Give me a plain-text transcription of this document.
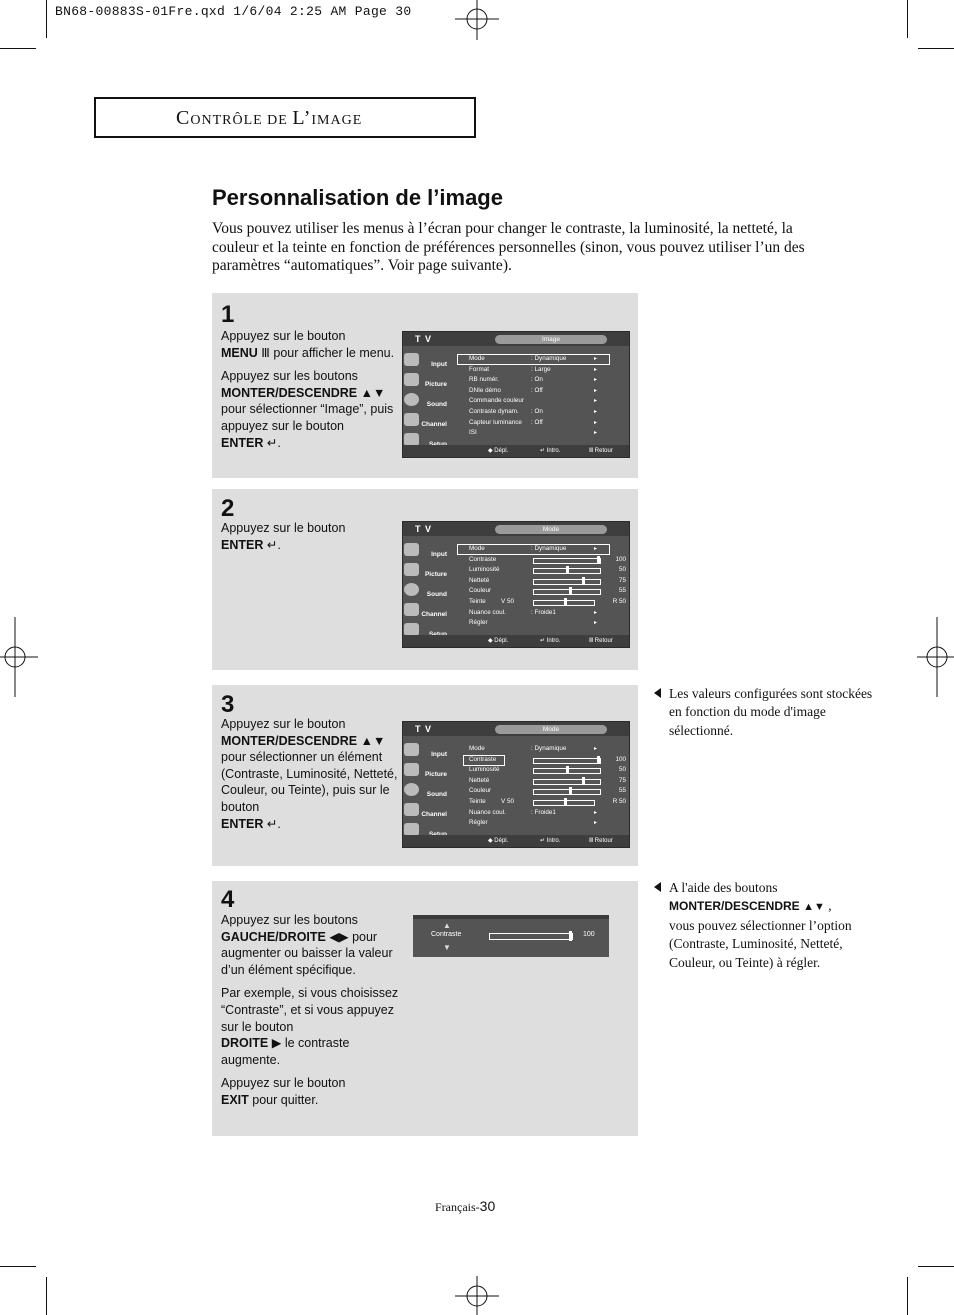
BN68-00883S-01Fre.qxd 1/6/04 2:25 AM Page 30
CONTRÔLE DE L’IMAGE
Personnalisation de l’image
Vous pouvez utiliser les menus à l’écran pour changer le contraste, la luminosité, la netteté, la couleur et la teinte en fonction de préférences personnelles (sinon, vous pouvez utiliser l’un des paramètres “automatiques”. Voir page suivante).
1

Appuyez sur le bouton
MENU Ⅲ pour afficher le menu.

Appuyez sur les boutons
MONTER/DESCENDRE ▲▼
pour sélectionner “Image”, puis appuyez sur le bouton
ENTER ↵.

T V	Image
Input
Picture
Sound
Channel
Mode	: Dynamique	▸
Format	: Large	▸
RB numér.	: On	▸
DNIe démo	: Off	▸
Commande couleur	▸
Contraste dynam. : On	▸
Capteur luminance : Off	▸
ISI	▸
◆ Dépl.	↵ Intro.	Ⅲ Retour
2

Appuyez sur le bouton
ENTER ↵.

T V	Mode
Input
Picture
Sound
Channel
Mode	: Dynamique	▸
Contraste	100
Luminosité	50
Netteté	75
Couleur	55
Teinte V 50	R 50
Nuance coul.	: Froide1	▸
Régler	▸
◆ Dépl.	↵ Intro.	Ⅲ Retour
3

Appuyez sur le bouton
MONTER/DESCENDRE ▲▼
pour sélectionner un élément (Contraste, Luminosité, Netteté, Couleur, ou Teinte), puis sur le bouton
ENTER ↵.

T V	Mode
Input
Picture
Sound
Channel
Mode	: Dynamique	▸
Contraste	100
Luminosité	50
Netteté	75
Couleur	55
Teinte V 50	R 50
Nuance coul.	: Froide1	▸
Régler	▸
◆ Dépl.	↵ Intro.	Ⅲ Retour
4

Appuyez sur les boutons
GAUCHE/DROITE ◀▶ pour augmenter ou baisser la valeur d’un élément spécifique.

Par exemple, si vous choisissez “Contraste”, et si vous appuyez sur le bouton
DROITE ▶ le contraste augmente.

Appuyez sur le bouton
EXIT pour quitter.

▲
Contraste	100
▼
Les valeurs configurées sont stockées en fonction du mode d'image sélectionné.
A l'aide des boutons
MONTER/DESCENDRE ▲▼ ,
vous pouvez sélectionner l’option (Contraste, Luminosité, Netteté, Couleur, ou Teinte) à régler.
Français-30
